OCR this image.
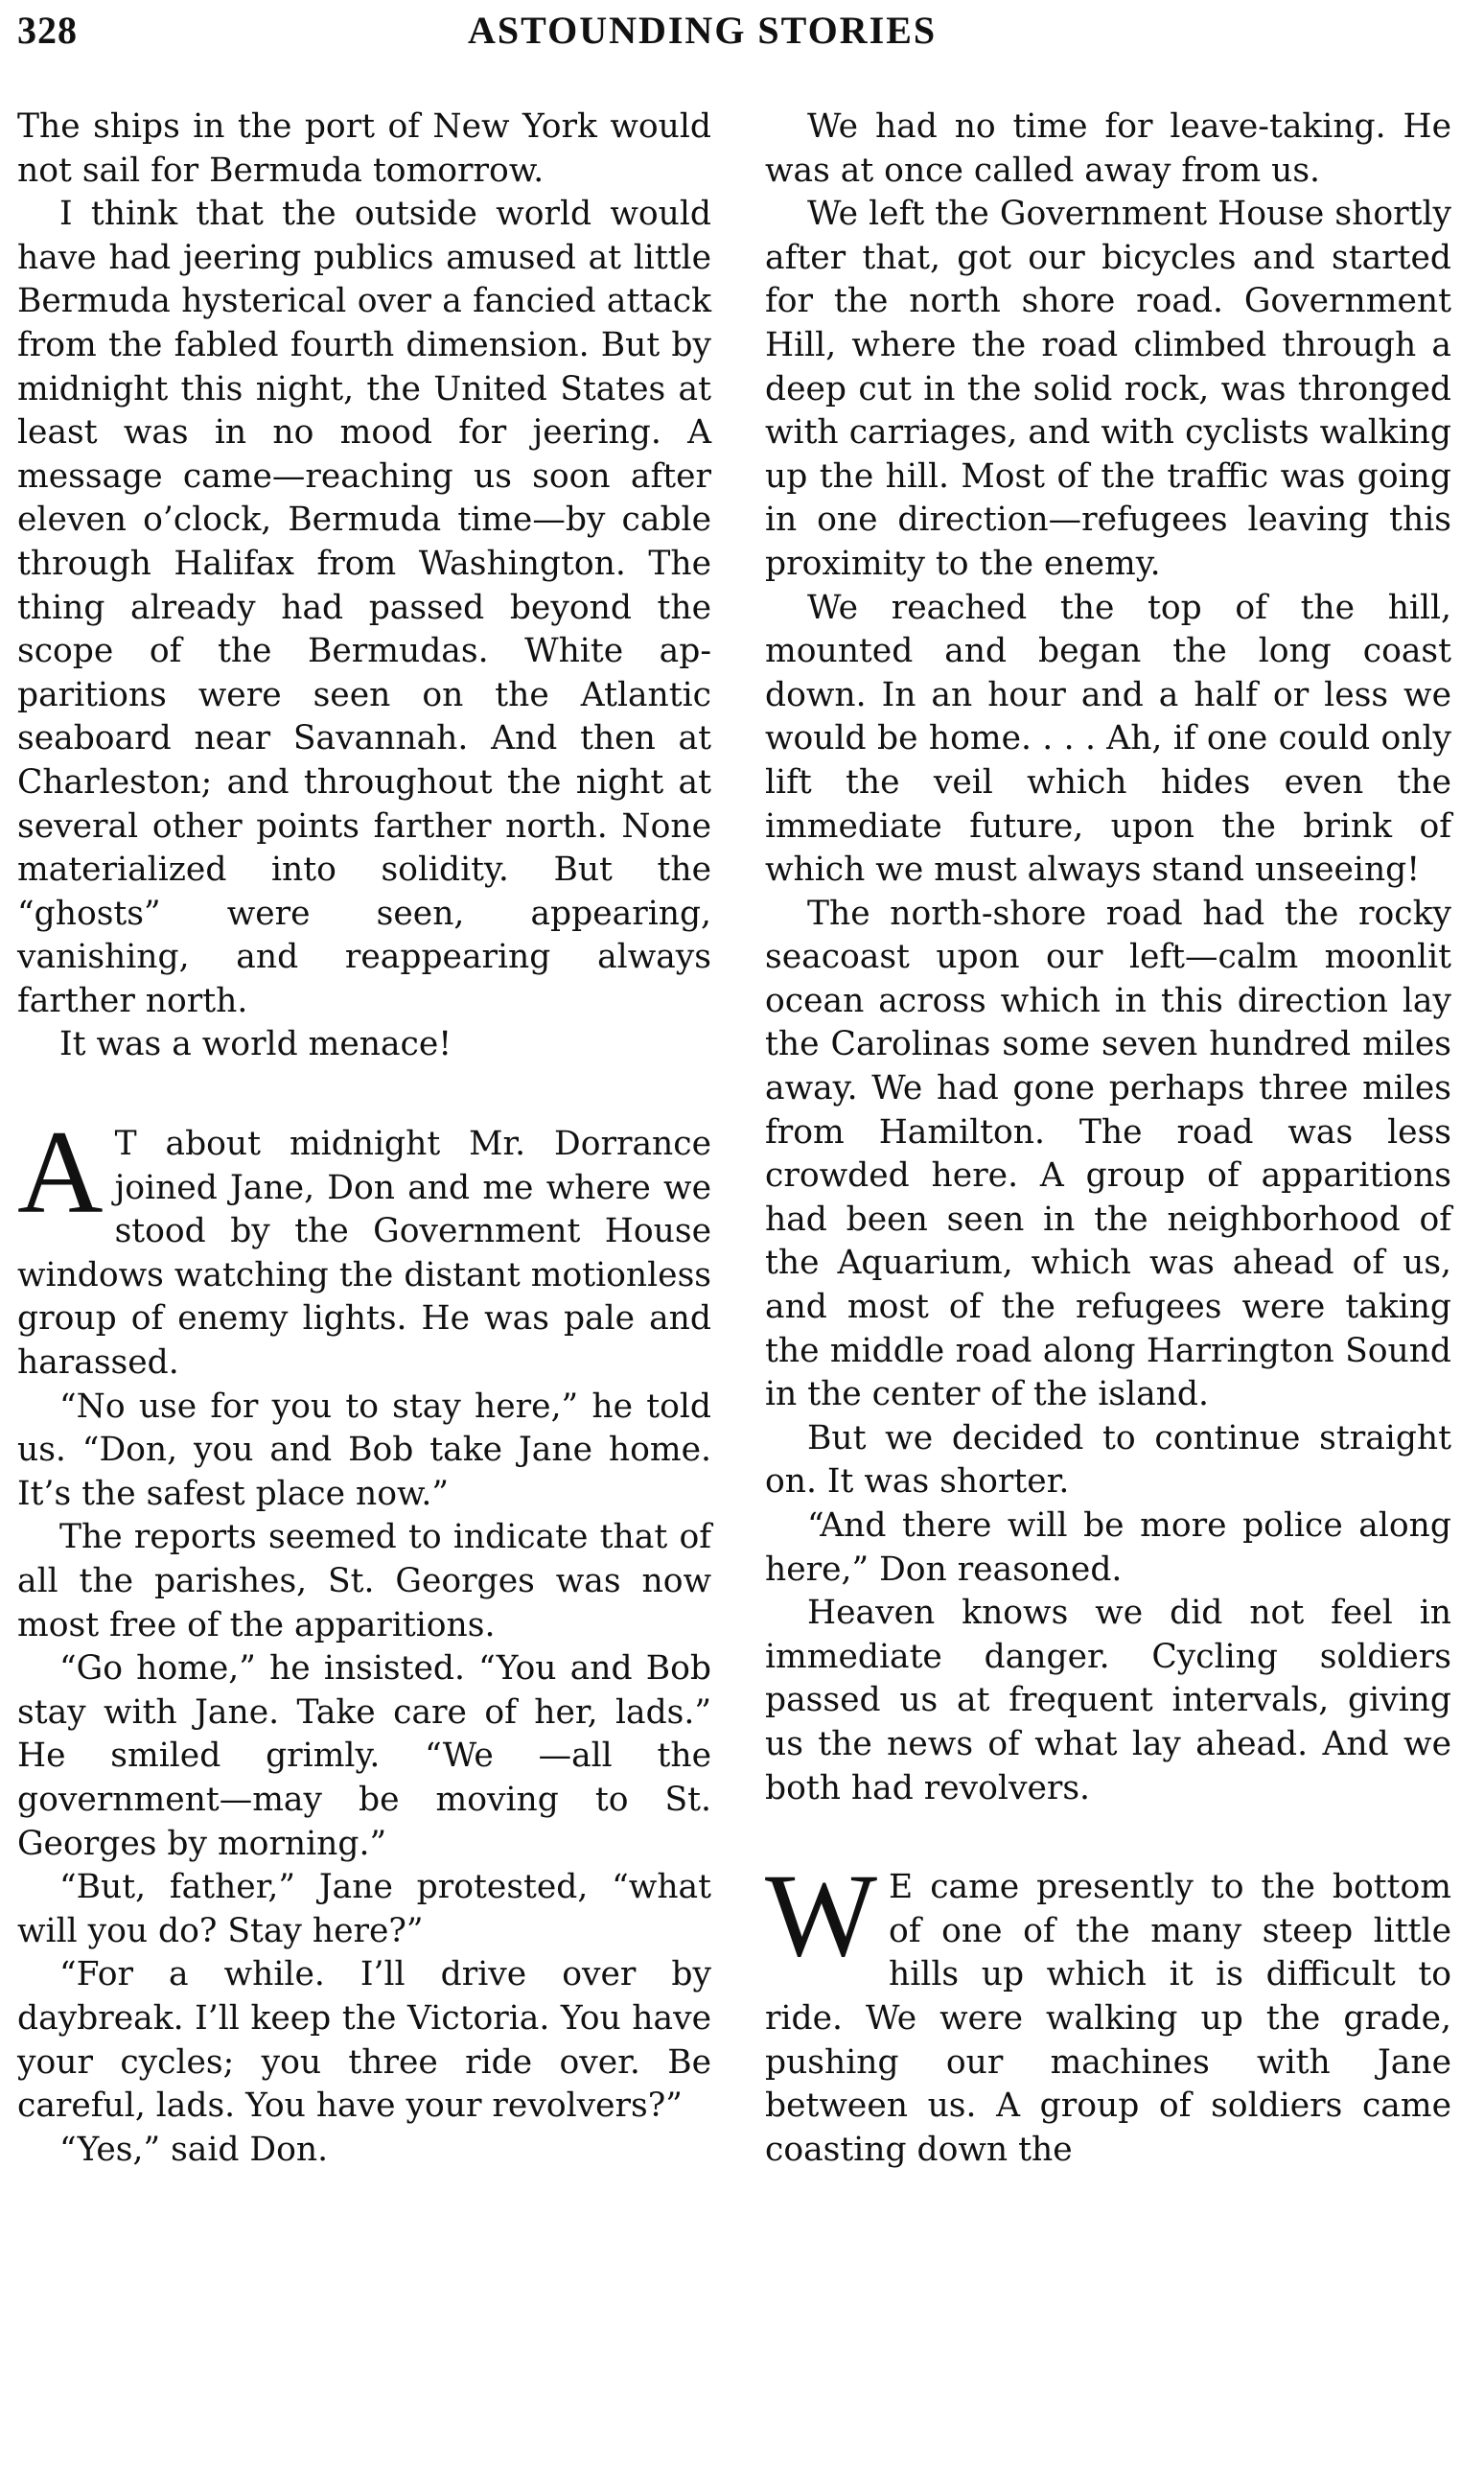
328	ASTOUNDING STORIES

The ships in the port of New York would not sail for Bermuda tomorrow.

I think that the outside world would have had jeering publics amused at little Bermuda hysterical over a fancied attack from the fabled fourth dimension. But by midnight this night, the United States at least was in no mood for jeering. A message came—reaching us soon after eleven o’clock, Bermuda time—by cable through Halifax from Washington. The thing already had passed beyond the scope of the Bermudas. White apparitions were seen on the Atlantic seaboard near Savannah. And then at Charleston; and throughout the night at several other points farther north. None materialized into solidity. But the “ghosts” were seen, appearing, vanishing, and reappearing always farther north.

It was a world menace!

A T about midnight Mr. Dorrance joined Jane, Don and me where we stood by the Government House windows watching the distant motionless group of enemy lights. He was pale and harassed.

“No use for you to stay here,” he told us. “Don, you and Bob take Jane home. It’s the safest place now.”

The reports seemed to indicate that of all the parishes, St. Georges was now most free of the apparitions.

“Go home,” he insisted. “You and Bob stay with Jane. Take care of her, lads.” He smiled grimly. “We —all the government—may be moving to St. Georges by morning.”

“But, father,” Jane protested, “what will you do? Stay here?”

“For a while. I’ll drive over by daybreak. I’ll keep the Victoria. You have your cycles; you three ride over. Be careful, lads. You have your revolvers?”

“Yes,” said Don.

We had no time for leave-taking. He was at once called away from us.

We left the Government House shortly after that, got our bicycles and started for the north shore road. Government Hill, where the road climbed through a deep cut in the solid rock, was thronged with carriages, and with cyclists walking up the hill. Most of the traffic was going in one direction—refugees leaving this proximity to the enemy.

We reached the top of the hill, mounted and began the long coast down. In an hour and a half or less we would be home. . . . Ah, if one could only lift the veil which hides even the immediate future, upon the brink of which we must always stand unseeing!

The north-shore road had the rocky seacoast upon our left—calm moonlit ocean across which in this direction lay the Carolinas some seven hundred miles away. We had gone perhaps three miles from Hamilton. The road was less crowded here. A group of apparitions had been seen in the neighborhood of the Aquarium, which was ahead of us, and most of the refugees were taking the middle road along Harrington Sound in the center of the island.

But we decided to continue straight on. It was shorter.

“And there will be more police along here,” Don reasoned.

Heaven knows we did not feel in immediate danger. Cycling soldiers passed us at frequent intervals, giving us the news of what lay ahead. And we both had revolvers.

W E came presently to the bottom of one of the many steep little hills up which it is difficult to ride. We were walking up the grade, pushing our machines with Jane between us. A group of soldiers came coasting down the
